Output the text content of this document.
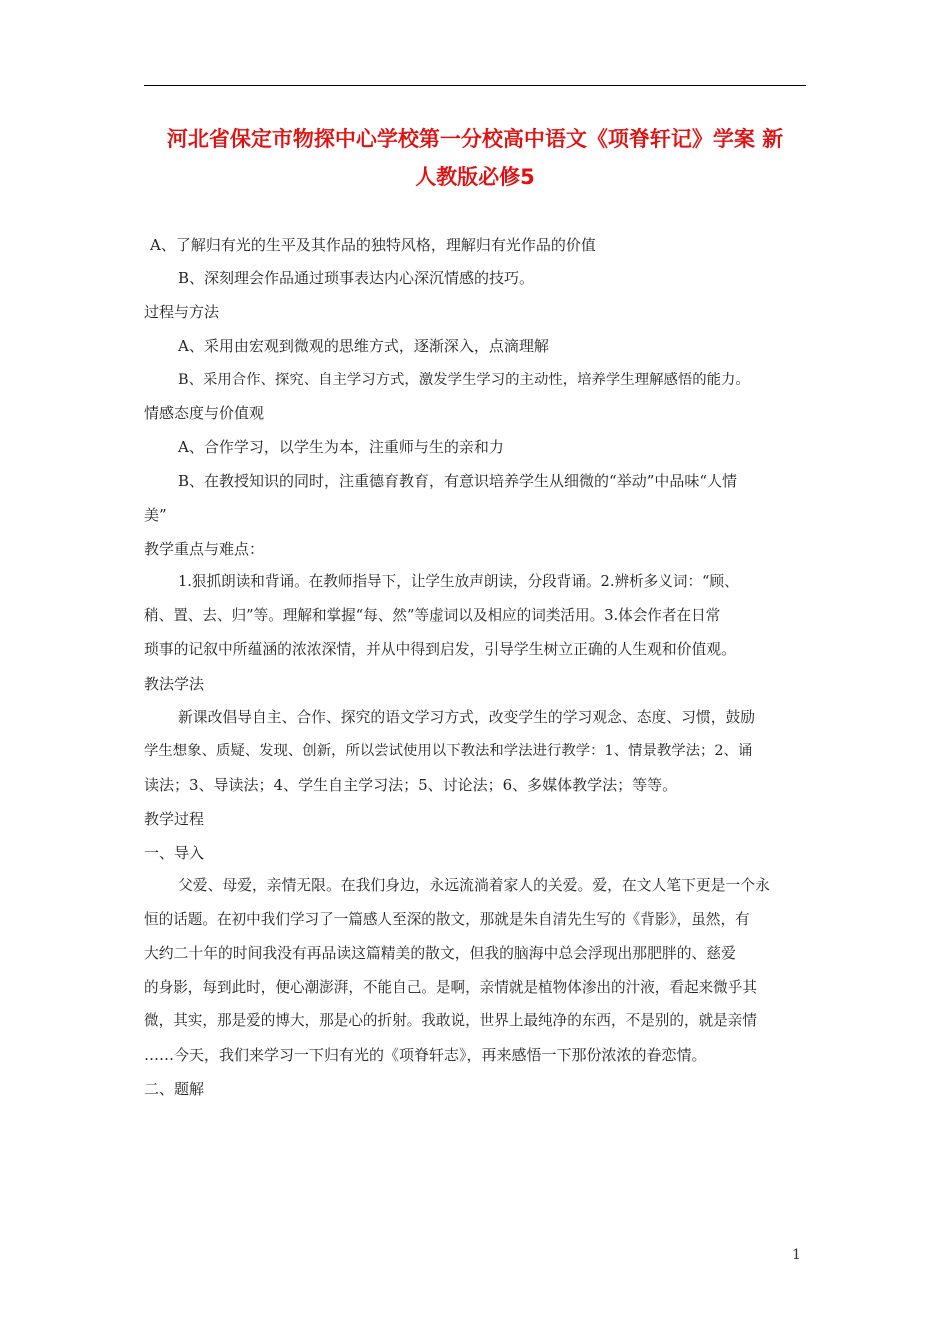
河北省保定市物探中心学校第一分校高中语文《项脊轩记》学案 新
人教版必修5
A、了解归有光的生平及其作品的独特风格，理解归有光作品的价值
B、深刻理会作品通过琐事表达内心深沉情感的技巧。
过程与方法
A、采用由宏观到微观的思维方式，逐渐深入，点滴理解
B、采用合作、探究、自主学习方式，激发学生学习的主动性，培养学生理解感悟的能力。
情感态度与价值观
A、合作学习，以学生为本，注重师与生的亲和力
B、在教授知识的同时，注重德育教育，有意识培养学生从细微的“举动”中品味“人情
美”
教学重点与难点：
1.狠抓朗读和背诵。在教师指导下，让学生放声朗读，分段背诵。2.辨析多义词：“顾、
稍、置、去、归”等。理解和掌握“每、然”等虚词以及相应的词类活用。3.体会作者在日常
琐事的记叙中所蕴涵的浓浓深情，并从中得到启发，引导学生树立正确的人生观和价值观。
教法学法
新课改倡导自主、合作、探究的语文学习方式，改变学生的学习观念、态度、习惯，鼓励
学生想象、质疑、发现、创新，所以尝试使用以下教法和学法进行教学：1、情景教学法；2、诵
读法；3、导读法；4、学生自主学习法；5、讨论法；6、多媒体教学法；等等。
教学过程
一、导入
父爱、母爱，亲情无限。在我们身边，永远流淌着家人的关爱。爱，在文人笔下更是一个永
恒的话题。在初中我们学习了一篇感人至深的散文，那就是朱自清先生写的《背影》，虽然，有
大约二十年的时间我没有再品读这篇精美的散文，但我的脑海中总会浮现出那肥胖的、慈爱
的身影，每到此时，便心潮澎湃，不能自己。是啊，亲情就是植物体渗出的汁液，看起来微乎其
微，其实，那是爱的博大，那是心的折射。我敢说，世界上最纯净的东西，不是别的，就是亲情
……今天，我们来学习一下归有光的《项脊轩志》，再来感悟一下那份浓浓的眷恋情。
二、题解
1
